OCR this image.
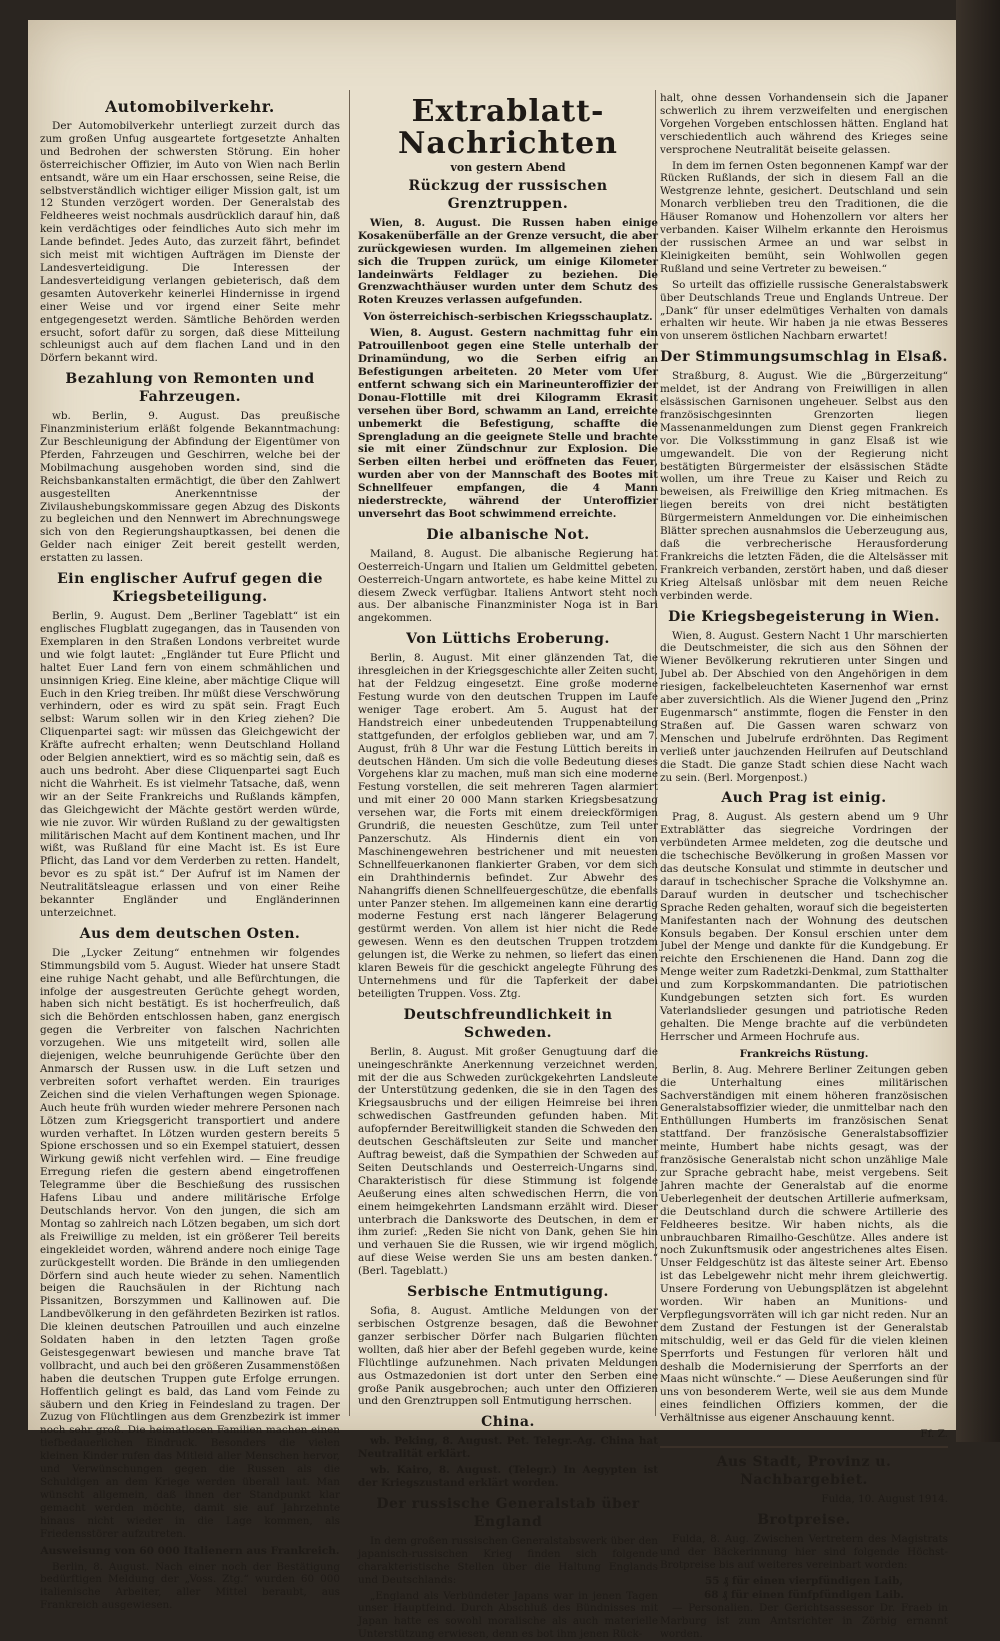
Automobilverkehr.

Der Automobilverkehr unterliegt zurzeit durch das zum großen Unfug ausgeartete fortgesetzte Anhalten und Bedrohen der schwersten Störung. Ein hoher österreichischer Offizier, im Auto von Wien nach Berlin entsandt, wäre um ein Haar erschossen, seine Reise, die selbstverständlich wichtiger eiliger Mission galt, ist um 12 Stunden verzögert worden. Der Generalstab des Feldheeres weist nochmals ausdrücklich darauf hin, daß kein verdächtiges oder feindliches Auto sich mehr im Lande befindet. Jedes Auto, das zurzeit fährt, befindet sich meist mit wichtigen Aufträgen im Dienste der Landesverteidigung. Die Interessen der Landesverteidigung verlangen gebieterisch, daß dem gesamten Autoverkehr keinerlei Hindernisse in irgend einer Weise und vor irgend einer Seite mehr entgegengesetzt werden. Sämtliche Behörden werden ersucht, sofort dafür zu sorgen, daß diese Mitteilung schleunigst auch auf dem flachen Land und in den Dörfern bekannt wird.

Bezahlung von Remonten und Fahrzeugen.

wb. Berlin, 9. August. Das preußische Finanzministerium erläßt folgende Bekanntmachung: Zur Beschleunigung der Abfindung der Eigentümer von Pferden, Fahrzeugen und Geschirren, welche bei der Mobilmachung ausgehoben worden sind, sind die Reichsbankanstalten ermächtigt, die über den Zahlwert ausgestellten Anerkenntnisse der Zivilaushebungskommissare gegen Abzug des Diskonts zu begleichen und den Nennwert im Abrechnungswege sich von den Regierungshauptkassen, bei denen die Gelder nach einiger Zeit bereit gestellt werden, erstatten zu lassen.

Ein englischer Aufruf gegen die Kriegsbeteiligung.

Berlin, 9. August. Dem „Berliner Tageblatt“ ist ein englisches Flugblatt zugegangen, das in Tausenden von Exemplaren in den Straßen Londons verbreitet wurde und wie folgt lautet: „Engländer tut Eure Pflicht und haltet Euer Land fern von einem schmählichen und unsinnigen Krieg. Eine kleine, aber mächtige Clique will Euch in den Krieg treiben. Ihr müßt diese Verschwörung verhindern, oder es wird zu spät sein. Fragt Euch selbst: Warum sollen wir in den Krieg ziehen? Die Cliquenpartei sagt: wir müssen das Gleichgewicht der Kräfte aufrecht erhalten; wenn Deutschland Holland oder Belgien annektiert, wird es so mächtig sein, daß es auch uns bedroht. Aber diese Cliquenpartei sagt Euch nicht die Wahrheit. Es ist vielmehr Tatsache, daß, wenn wir an der Seite Frankreichs und Rußlands kämpfen, das Gleichgewicht der Mächte gestört werden würde, wie nie zuvor. Wir würden Rußland zu der gewaltigsten militärischen Macht auf dem Kontinent machen, und Ihr wißt, was Rußland für eine Macht ist. Es ist Eure Pflicht, das Land vor dem Verderben zu retten. Handelt, bevor es zu spät ist.“ Der Aufruf ist im Namen der Neutralitätsleague erlassen und von einer Reihe bekannter Engländer und Engländerinnen unterzeichnet.

Aus dem deutschen Osten.

Die „Lycker Zeitung“ entnehmen wir folgendes Stimmungsbild vom 5. August. Wieder hat unsere Stadt eine ruhige Nacht gehabt, und alle Befürchtungen, die infolge der ausgestreuten Gerüchte gehegt worden, haben sich nicht bestätigt. Es ist hocherfreulich, daß sich die Behörden entschlossen haben, ganz energisch gegen die Verbreiter von falschen Nachrichten vorzugehen. Wie uns mitgeteilt wird, sollen alle diejenigen, welche beunruhigende Gerüchte über den Anmarsch der Russen usw. in die Luft setzen und verbreiten sofort verhaftet werden. Ein trauriges Zeichen sind die vielen Verhaftungen wegen Spionage. Auch heute früh wurden wieder mehrere Personen nach Lötzen zum Kriegsgericht transportiert und andere wurden verhaftet. In Lötzen wurden gestern bereits 5 Spione erschossen und so ein Exempel statuiert, dessen Wirkung gewiß nicht verfehlen wird. — Eine freudige Erregung riefen die gestern abend eingetroffenen Telegramme über die Beschießung des russischen Hafens Libau und andere militärische Erfolge Deutschlands hervor. Von den jungen, die sich am Montag so zahlreich nach Lötzen begaben, um sich dort als Freiwillige zu melden, ist ein größerer Teil bereits eingekleidet worden, während andere noch einige Tage zurückgestellt worden. Die Brände in den umliegenden Dörfern sind auch heute wieder zu sehen. Namentlich beigen die Rauchsäulen in der Richtung nach Pissanitzen, Borszymmen und Kallinowen auf. Die Landbevölkerung in den gefährdeten Bezirken ist ratlos. Die kleinen deutschen Patrouillen und auch einzelne Soldaten haben in den letzten Tagen große Geistesgegenwart bewiesen und manche brave Tat vollbracht, und auch bei den größeren Zusammenstößen haben die deutschen Truppen gute Erfolge errungen. Hoffentlich gelingt es bald, das Land vom Feinde zu säubern und den Krieg in Feindesland zu tragen. Der Zuzug von Flüchtlingen aus dem Grenzbezirk ist immer noch sehr groß. Die heimatlosen Familien machen einen tiefbedauerlichen Eindruck. Besonders die vielen kleinen Kinder rufen das Mitleid aller Menschen hervor, und Verwünschungen gegen die Russen als die Schuldigen an dem Kriege werden überall laut. Man wünscht allgemein, daß ihnen der Standpunkt klar gemacht werden möchte, damit sie auf Jahrzehnte hinaus nicht wieder in die Lage kommen, als Friedensstörer aufzutreten.

Ausweisung von 60 000 Italienern aus Frankreich.

Berlin, 8. August. Nach einer noch der Bestätigung bedürftigen Meldung der „Voss. Ztg.“ wurden 60 000 italienische Arbeiter, aller Mittel beraubt, aus Frankreich ausgewiesen.

Extrablatt-Nachrichten
von gestern Abend
Rückzug der russischen Grenztruppen.

Wien, 8. August. Die Russen haben einige Kosakenüberfälle an der Grenze versucht, die aber zurückgewiesen wurden. Im allgemeinen ziehen sich die Truppen zurück, um einige Kilometer landeinwärts Feldlager zu beziehen. Die Grenzwachthäuser wurden unter dem Schutz des Roten Kreuzes verlassen aufgefunden.

Von österreichisch-serbischen Kriegsschauplatz.

Wien, 8. August. Gestern nachmittag fuhr ein Patrouillenboot gegen eine Stelle unterhalb der Drinamündung, wo die Serben eifrig an Befestigungen arbeiteten. 20 Meter vom Ufer entfernt schwang sich ein Marineunteroffizier der Donau-Flottille mit drei Kilogramm Ekrasit versehen über Bord, schwamm an Land, erreichte unbemerkt die Befestigung, schaffte die Sprengladung an die geeignete Stelle und brachte sie mit einer Zündschnur zur Explosion. Die Serben eilten herbei und eröffneten das Feuer, wurden aber von der Mannschaft des Bootes mit Schnellfeuer empfangen, die 4 Mann niederstreckte, während der Unteroffizier unversehrt das Boot schwimmend erreichte.

Die albanische Not.

Mailand, 8. August. Die albanische Regierung hat Oesterreich-Ungarn und Italien um Geldmittel gebeten. Oesterreich-Ungarn antwortete, es habe keine Mittel zu diesem Zweck verfügbar. Italiens Antwort steht noch aus. Der albanische Finanzminister Noga ist in Bari angekommen.

Von Lüttichs Eroberung.

Berlin, 8. August. Mit einer glänzenden Tat, die ihresgleichen in der Kriegsgeschichte aller Zeiten sucht, hat der Feldzug eingesetzt. Eine große moderne Festung wurde von den deutschen Truppen im Laufe weniger Tage erobert. Am 5. August hat der Handstreich einer unbedeutenden Truppenabteilung stattgefunden, der erfolglos geblieben war, und am 7. August, früh 8 Uhr war die Festung Lüttich bereits in deutschen Händen. Um sich die volle Bedeutung dieses Vorgehens klar zu machen, muß man sich eine moderne Festung vorstellen, die seit mehreren Tagen alarmiert und mit einer 20 000 Mann starken Kriegsbesatzung versehen war, die Forts mit einem dreieckförmigen Grundriß, die neuesten Geschütze, zum Teil unter Panzerschutz. Als Hindernis dient ein von Maschinengewehren bestrichener und mit neuesten Schnellfeuerkanonen flankierter Graben, vor dem sich ein Drahthindernis befindet. Zur Abwehr des Nahangriffs dienen Schnellfeuergeschütze, die ebenfalls unter Panzer stehen. Im allgemeinen kann eine derartig moderne Festung erst nach längerer Belagerung gestürmt werden. Von allem ist hier nicht die Rede gewesen. Wenn es den deutschen Truppen trotzdem gelungen ist, die Werke zu nehmen, so liefert das einen klaren Beweis für die geschickt angelegte Führung des Unternehmens und für die Tapferkeit der dabei beteiligten Truppen. Voss. Ztg.

Deutschfreundlichkeit in Schweden.

Berlin, 8. August. Mit großer Genugtuung darf die uneingeschränkte Anerkennung verzeichnet werden, mit der die aus Schweden zurückgekehrten Landsleute der Unterstützung gedenken, die sie in den Tagen des Kriegsausbruchs und der eiligen Heimreise bei ihren schwedischen Gastfreunden gefunden haben. Mit aufopfernder Bereitwilligkeit standen die Schweden den deutschen Geschäftsleuten zur Seite und mancher Auftrag beweist, daß die Sympathien der Schweden auf Seiten Deutschlands und Oesterreich-Ungarns sind. Charakteristisch für diese Stimmung ist folgende Aeußerung eines alten schwedischen Herrn, die von einem heimgekehrten Landsmann erzählt wird. Dieser unterbrach die Danksworte des Deutschen, in dem er ihm zurief: „Reden Sie nicht von Dank, gehen Sie hin und verhauen Sie die Russen, wie wir irgend möglich, auf diese Weise werden Sie uns am besten danken.“ (Berl. Tageblatt.)

Serbische Entmutigung.

Sofia, 8. August. Amtliche Meldungen von der serbischen Ostgrenze besagen, daß die Bewohner ganzer serbischer Dörfer nach Bulgarien flüchten wollten, daß hier aber der Befehl gegeben wurde, keine Flüchtlinge aufzunehmen. Nach privaten Meldungen aus Ostmazedonien ist dort unter den Serben eine große Panik ausgebrochen; auch unter den Offizieren und den Grenztruppen soll Entmutigung herrschen.

China.

wb. Peking, 8. August. Pet. Telegr.-Ag. China hat Neutralität erklärt.

wb. Kairo, 8. August. (Telegr.) In Aegypten ist der Kriegszustand erklärt worden.

Der russische Generalstab über England

In dem großen russischen Generalstabswerk über den japanisch-russischen Krieg finden sich folgende charakteristische Stellen über die Haltung Englands und Deutschlands:

„England als Verbündeter Japans war in jenen Tagen unser Hauptfeind. Durch Abschluß des Bündnisses mit Japan hatte es sowohl moralische als auch materielle Unterstützung erwiesen, denn es bot ihm jenen Rück-

halt, ohne dessen Vorhandensein sich die Japaner schwerlich zu ihrem verzweifelten und energischen Vorgehen Vorgeben entschlossen hätten. England hat verschiedentlich auch während des Krieges seine versprochene Neutralität beiseite gelassen.

In dem im fernen Osten begonnenen Kampf war der Rücken Rußlands, der sich in diesem Fall an die Westgrenze lehnte, gesichert. Deutschland und sein Monarch verblieben treu den Traditionen, die die Häuser Romanow und Hohenzollern vor alters her verbanden. Kaiser Wilhelm erkannte den Heroismus der russischen Armee an und war selbst in Kleinigkeiten bemüht, sein Wohlwollen gegen Rußland und seine Vertreter zu beweisen.“

So urteilt das offizielle russische Generalstabswerk über Deutschlands Treue und Englands Untreue. Der „Dank“ für unser edelmütiges Verhalten von damals erhalten wir heute. Wir haben ja nie etwas Besseres von unserem östlichen Nachbarn erwartet!

Der Stimmungsumschlag in Elsaß.

Straßburg, 8. August. Wie die „Bürgerzeitung“ meldet, ist der Andrang von Freiwilligen in allen elsässischen Garnisonen ungeheuer. Selbst aus den französischgesinnten Grenzorten liegen Massenanmeldungen zum Dienst gegen Frankreich vor. Die Volksstimmung in ganz Elsaß ist wie umgewandelt. Die von der Regierung nicht bestätigten Bürgermeister der elsässischen Städte wollen, um ihre Treue zu Kaiser und Reich zu beweisen, als Freiwillige den Krieg mitmachen. Es liegen bereits von drei nicht bestätigten Bürgermeistern Anmeldungen vor. Die einheimischen Blätter sprechen ausnahmslos die Ueberzeugung aus, daß die verbrecherische Herausforderung Frankreichs die letzten Fäden, die die Altelsässer mit Frankreich verbanden, zerstört haben, und daß dieser Krieg Altelsaß unlösbar mit dem neuen Reiche verbinden werde.

Die Kriegsbegeisterung in Wien.

Wien, 8. August. Gestern Nacht 1 Uhr marschierten die Deutschmeister, die sich aus den Söhnen der Wiener Bevölkerung rekrutieren unter Singen und Jubel ab. Der Abschied von den Angehörigen in dem riesigen, fackelbeleuchteten Kasernenhof war ernst aber zuversichtlich. Als die Wiener Jugend den „Prinz Eugenmarsch“ anstimmte, flogen die Fenster in den Straßen auf. Die Gassen waren schwarz von Menschen und Jubelrufe erdröhnten. Das Regiment verließ unter jauchzenden Heilrufen auf Deutschland die Stadt. Die ganze Stadt schien diese Nacht wach zu sein. (Berl. Morgenpost.)

Auch Prag ist einig.

Prag, 8. August. Als gestern abend um 9 Uhr Extrablätter das siegreiche Vordringen der verbündeten Armee meldeten, zog die deutsche und die tschechische Bevölkerung in großen Massen vor das deutsche Konsulat und stimmte in deutscher und darauf in tschechischer Sprache die Volkshymne an. Darauf wurden in deutscher und tschechischer Sprache Reden gehalten, worauf sich die begeisterten Manifestanten nach der Wohnung des deutschen Konsuls begaben. Der Konsul erschien unter dem Jubel der Menge und dankte für die Kundgebung. Er reichte den Erschienenen die Hand. Dann zog die Menge weiter zum Radetzki-Denkmal, zum Statthalter und zum Korpskommandanten. Die patriotischen Kundgebungen setzten sich fort. Es wurden Vaterlandslieder gesungen und patriotische Reden gehalten. Die Menge brachte auf die verbündeten Herrscher und Armeen Hochrufe aus.

Frankreichs Rüstung.

Berlin, 8. Aug. Mehrere Berliner Zeitungen geben die Unterhaltung eines militärischen Sachverständigen mit einem höheren französischen Generalstabsoffizier wieder, die unmittelbar nach den Enthüllungen Humberts im französischen Senat stattfand. Der französische Generalstabsoffizier meinte, Humbert habe nichts gesagt, was der französische Generalstab nicht schon unzählige Male zur Sprache gebracht habe, meist vergebens. Seit Jahren machte der Generalstab auf die enorme Ueberlegenheit der deutschen Artillerie aufmerksam, die Deutschland durch die schwere Artillerie des Feldheeres besitze. Wir haben nichts, als die unbrauchbaren Rimailho-Geschütze. Alles andere ist noch Zukunftsmusik oder angestrichenes altes Eisen. Unser Feldgeschütz ist das älteste seiner Art. Ebenso ist das Lebelgewehr nicht mehr ihrem gleichwertig. Unsere Forderung von Uebungsplätzen ist abgelehnt worden. Wir haben an Munitions- und Verpflegungsvorräten will ich gar nicht reden. Nur an dem Zustand der Festungen ist der Generalstab mitschuldig, weil er das Geld für die vielen kleinen Sperrforts und Festungen für verloren hält und deshalb die Modernisierung der Sperrforts an der Maas nicht wünschte.“ — Diese Aeußerungen sind für uns von besonderem Werte, weil sie aus dem Munde eines feindlichen Offiziers kommen, der die Verhältnisse aus eigener Anschauung kennt.

Ff. Z.

Aus Stadt, Provinz u. Nachbargebiet.

Fulda, 10. August 1914.

Brotpreise.

Fulda, 8. Aug. Zwischen Vertretern des Magistrats und der Bäckerinnung hier sind folgende Höchst-Brotpreise bis auf weiteres vereinbart worden:

55 ₰ für einen vierpfündigen Laib,

68 ₰ für einen fünfpfündigen Laib.

— Personalien. Der Gerichtsassessor Dr. Fraeb in Marburg ist zum Amtsrichter in Zörbig ernannt worden.
